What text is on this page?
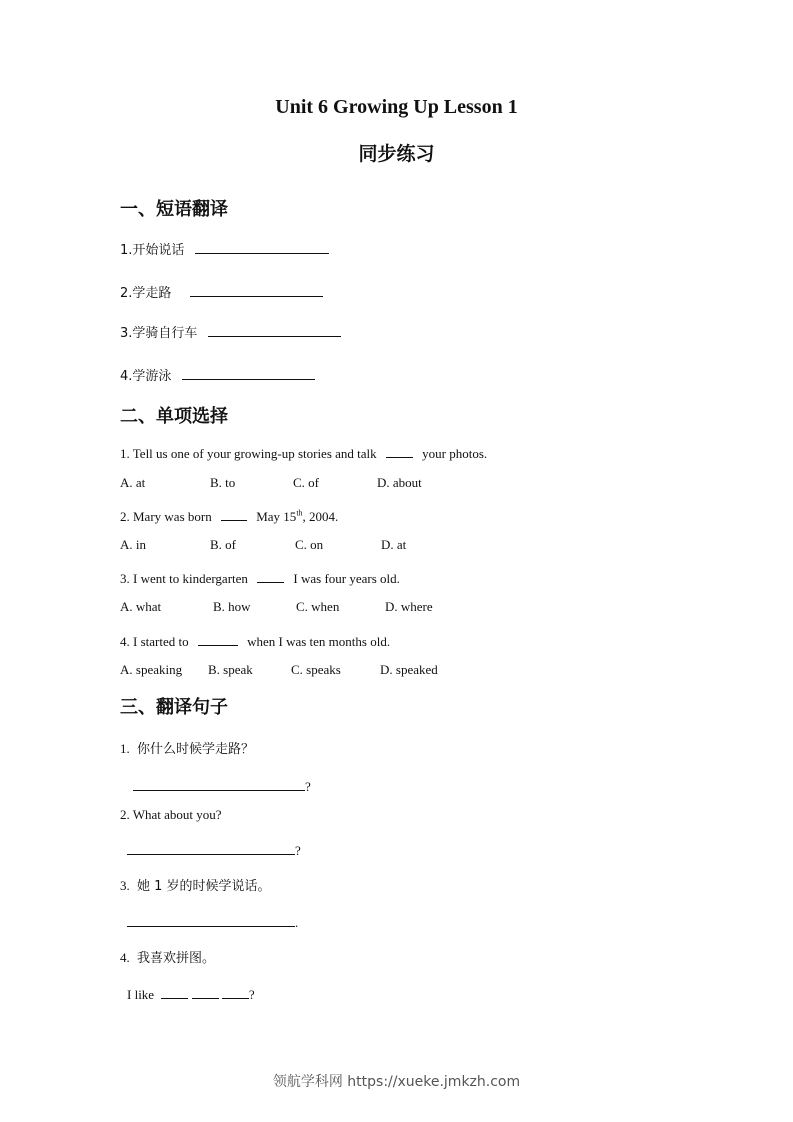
Unit 6 Growing Up Lesson 1
同步练习
一、短语翻译
1.开始说话
2.学走路
3.学骑自行车
4.学游泳
二、单项选择
1. Tell us one of your growing-up stories and talk	your photos.
A. at	B. to	C. of	D. about
2. Mary was born	May 15th, 2004.
A. in	B. of	C. on	D. at
3. I went to kindergarten	I was four years old.
A. what	B. how	C. when	D. where
4. I started to	when I was ten months old.
A. speaking B. speak	C. speaks	D. speaked
三、翻译句子
1. 你什么时候学走路？
?
2. What about you?
?
3. 她 1 岁的时候学说话。
.
4. 我喜欢拼图。
I like	?
领航学科网 https://xueke.jmkzh.com
